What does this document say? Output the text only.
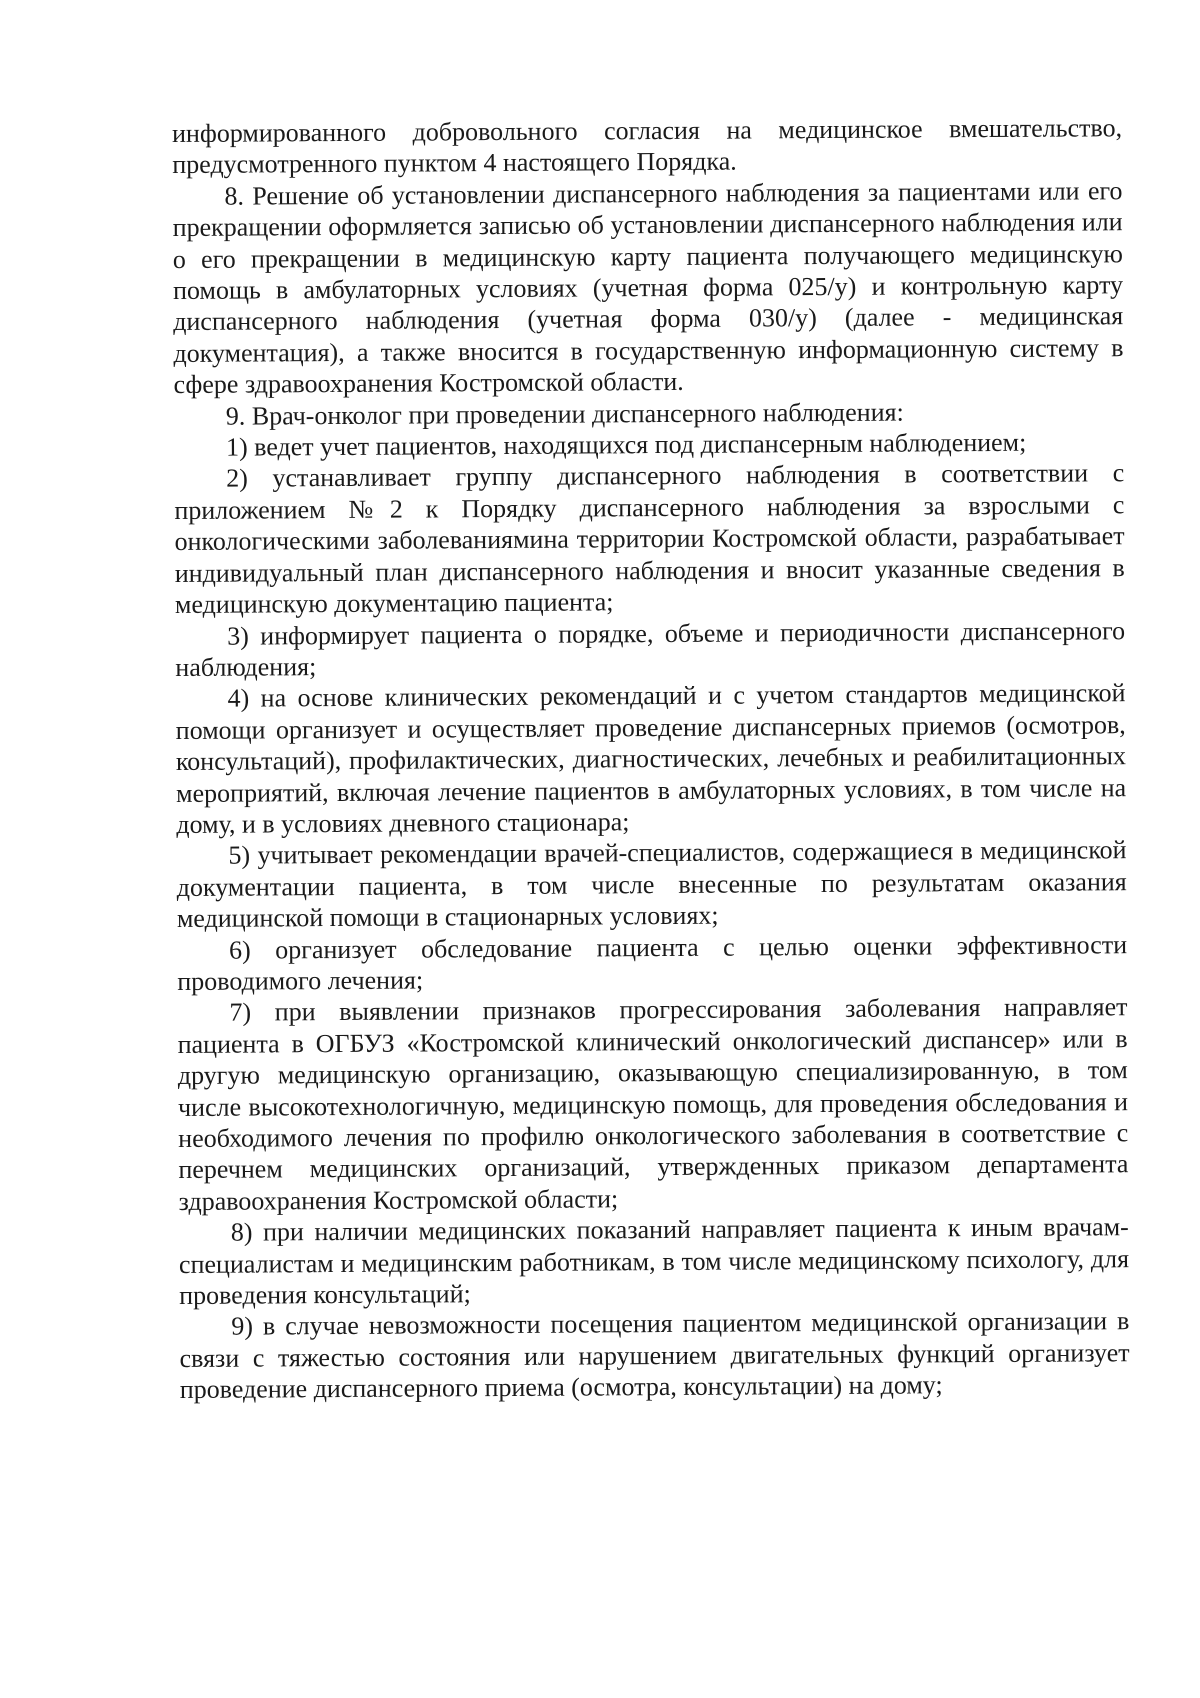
информированного добровольного согласия на медицинское вмешательство, предусмотренного пунктом 4 настоящего Порядка.

8. Решение об установлении диспансерного наблюдения за пациентами или его прекращении оформляется записью об установлении диспансерного наблюдения или о его прекращении в медицинскую карту пациента получающего медицинскую помощь в амбулаторных условиях (учетная форма 025/у) и контрольную карту диспансерного наблюдения (учетная форма 030/у) (далее - медицинская документация), а также вносится в государственную информационную систему в сфере здравоохранения Костромской области.

9. Врач-онколог при проведении диспансерного наблюдения:

1) ведет учет пациентов, находящихся под диспансерным наблюдением;

2) устанавливает группу диспансерного наблюдения в соответствии с приложением №2 к Порядку диспансерного наблюдения за взрослыми с онкологическими заболеваниямина территории Костромской области, разрабатывает индивидуальный план диспансерного наблюдения и вносит указанные сведения в медицинскую документацию пациента;

3) информирует пациента о порядке, объеме и периодичности диспансерного наблюдения;

4) на основе клинических рекомендаций и с учетом стандартов медицинской помощи организует и осуществляет проведение диспансерных приемов (осмотров, консультаций), профилактических, диагностических, лечебных и реабилитационных мероприятий, включая лечение пациентов в амбулаторных условиях, в том числе на дому, и в условиях дневного стационара;

5) учитывает рекомендации врачей-специалистов, содержащиеся в медицинской документации пациента, в том числе внесенные по результатам оказания медицинской помощи в стационарных условиях;

6) организует обследование пациента с целью оценки эффективности проводимого лечения;

7) при выявлении признаков прогрессирования заболевания направляет пациента в ОГБУЗ «Костромской клинический онкологический диспансер» или в другую медицинскую организацию, оказывающую специализированную, в том числе высокотехнологичную, медицинскую помощь, для проведения обследования и необходимого лечения по профилю онкологического заболевания в соответствие с перечнем медицинских организаций, утвержденных приказом департамента здравоохранения Костромской области;

8) при наличии медицинских показаний направляет пациента к иным врачам-специалистам и медицинским работникам, в том числе медицинскому психологу, для проведения консультаций;

9) в случае невозможности посещения пациентом медицинской организации в связи с тяжестью состояния или нарушением двигательных функций организует проведение диспансерного приема (осмотра, консультации) на дому;
